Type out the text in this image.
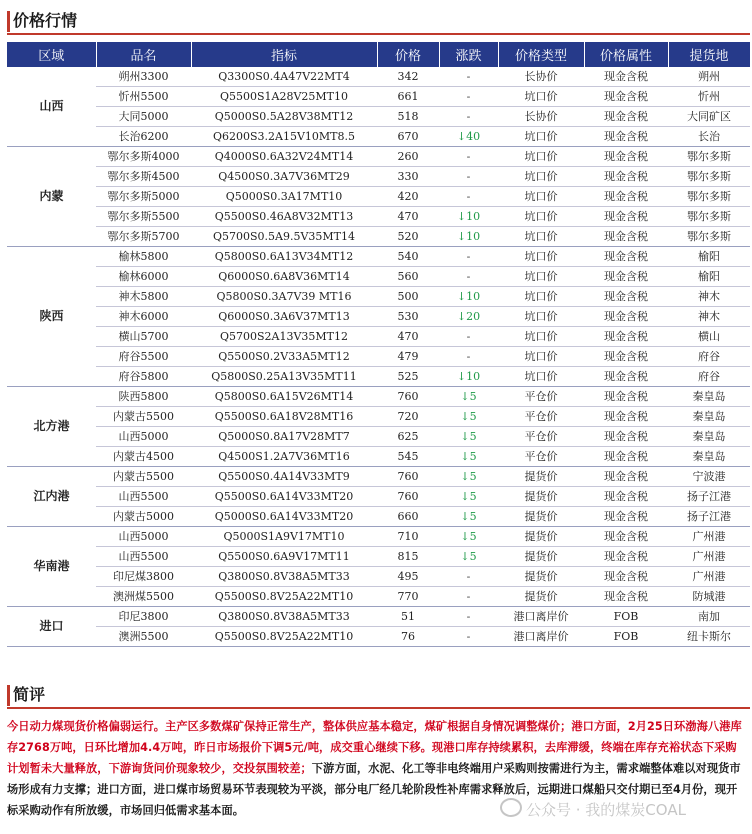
价格行情
区域	品名	指标	价格	涨跌	价格类型	价格属性	提货地
山西	朔州3300	Q3300S0.4A47V22MT4	342	-	长协价	现金含税	朔州
	忻州5500	Q5500S1A28V25MT10	661	-	坑口价	现金含税	忻州
	大同5000	Q5000S0.5A28V38MT12	518	-	长协价	现金含税	大同矿区
	长治6200	Q6200S3.2A15V10MT8.5	670	↓40	坑口价	现金含税	长治
内蒙	鄂尔多斯4000	Q4000S0.6A32V24MT14	260	-	坑口价	现金含税	鄂尔多斯
	鄂尔多斯4500	Q4500S0.3A7V36MT29	330	-	坑口价	现金含税	鄂尔多斯
	鄂尔多斯5000	Q5000S0.3A17MT10	420	-	坑口价	现金含税	鄂尔多斯
	鄂尔多斯5500	Q5500S0.46A8V32MT13	470	↓10	坑口价	现金含税	鄂尔多斯
	鄂尔多斯5700	Q5700S0.5A9.5V35MT14	520	↓10	坑口价	现金含税	鄂尔多斯
陕西	榆林5800	Q5800S0.6A13V34MT12	540	-	坑口价	现金含税	榆阳
	榆林6000	Q6000S0.6A8V36MT14	560	-	坑口价	现金含税	榆阳
	神木5800	Q5800S0.3A7V39 MT16	500	↓10	坑口价	现金含税	神木
	神木6000	Q6000S0.3A6V37MT13	530	↓20	坑口价	现金含税	神木
	横山5700	Q5700S2A13V35MT12	470	-	坑口价	现金含税	横山
	府谷5500	Q5500S0.2V33A5MT12	479	-	坑口价	现金含税	府谷
	府谷5800	Q5800S0.25A13V35MT11	525	↓10	坑口价	现金含税	府谷
北方港	陕西5800	Q5800S0.6A15V26MT14	760	↓5	平仓价	现金含税	秦皇岛
	内蒙古5500	Q5500S0.6A18V28MT16	720	↓5	平仓价	现金含税	秦皇岛
	山西5000	Q5000S0.8A17V28MT7	625	↓5	平仓价	现金含税	秦皇岛
	内蒙古4500	Q4500S1.2A7V36MT16	545	↓5	平仓价	现金含税	秦皇岛
江内港	内蒙古5500	Q5500S0.4A14V33MT9	760	↓5	提货价	现金含税	宁波港
	山西5500	Q5500S0.6A14V33MT20	760	↓5	提货价	现金含税	扬子江港
	内蒙古5000	Q5000S0.6A14V33MT20	660	↓5	提货价	现金含税	扬子江港
华南港	山西5000	Q5000S1A9V17MT10	710	↓5	提货价	现金含税	广州港
	山西5500	Q5500S0.6A9V17MT11	815	↓5	提货价	现金含税	广州港
	印尼煤3800	Q3800S0.8V38A5MT33	495	-	提货价	现金含税	广州港
	澳洲煤5500	Q5500S0.8V25A22MT10	770	-	提货价	现金含税	防城港
进口	印尼3800	Q3800S0.8V38A5MT33	51	-	港口离岸价	FOB	南加
	澳洲5500	Q5500S0.8V25A22MT10	76	-	港口离岸价	FOB	纽卡斯尔
简评
今日动力煤现货价格偏弱运行。主产区多数煤矿保持正常生产，整体供应基本稳定，煤矿根据自身情况调整煤价；港口方面，2月25日环渤海八港库存2768万吨，日环比增加4.4万吨，昨日市场报价下调5元/吨，成交重心继续下移。现港口库存持续累积，去库滞缓，终端在库存充裕状态下采购计划暂未大量释放，下游询货问价现象较少，交投氛围较差；下游方面，水泥、化工等非电终端用户采购则按需进行为主，需求端整体难以对现货市场形成有力支撑；进口方面，进口煤市场贸易环节表现较为平淡，部分电厂经几轮阶段性补库需求释放后，远期进口煤船只交付期已至4月份，现开标采购动作有所放缓，市场回归低需求基本面。	公众号 · 我的煤炭COAL
